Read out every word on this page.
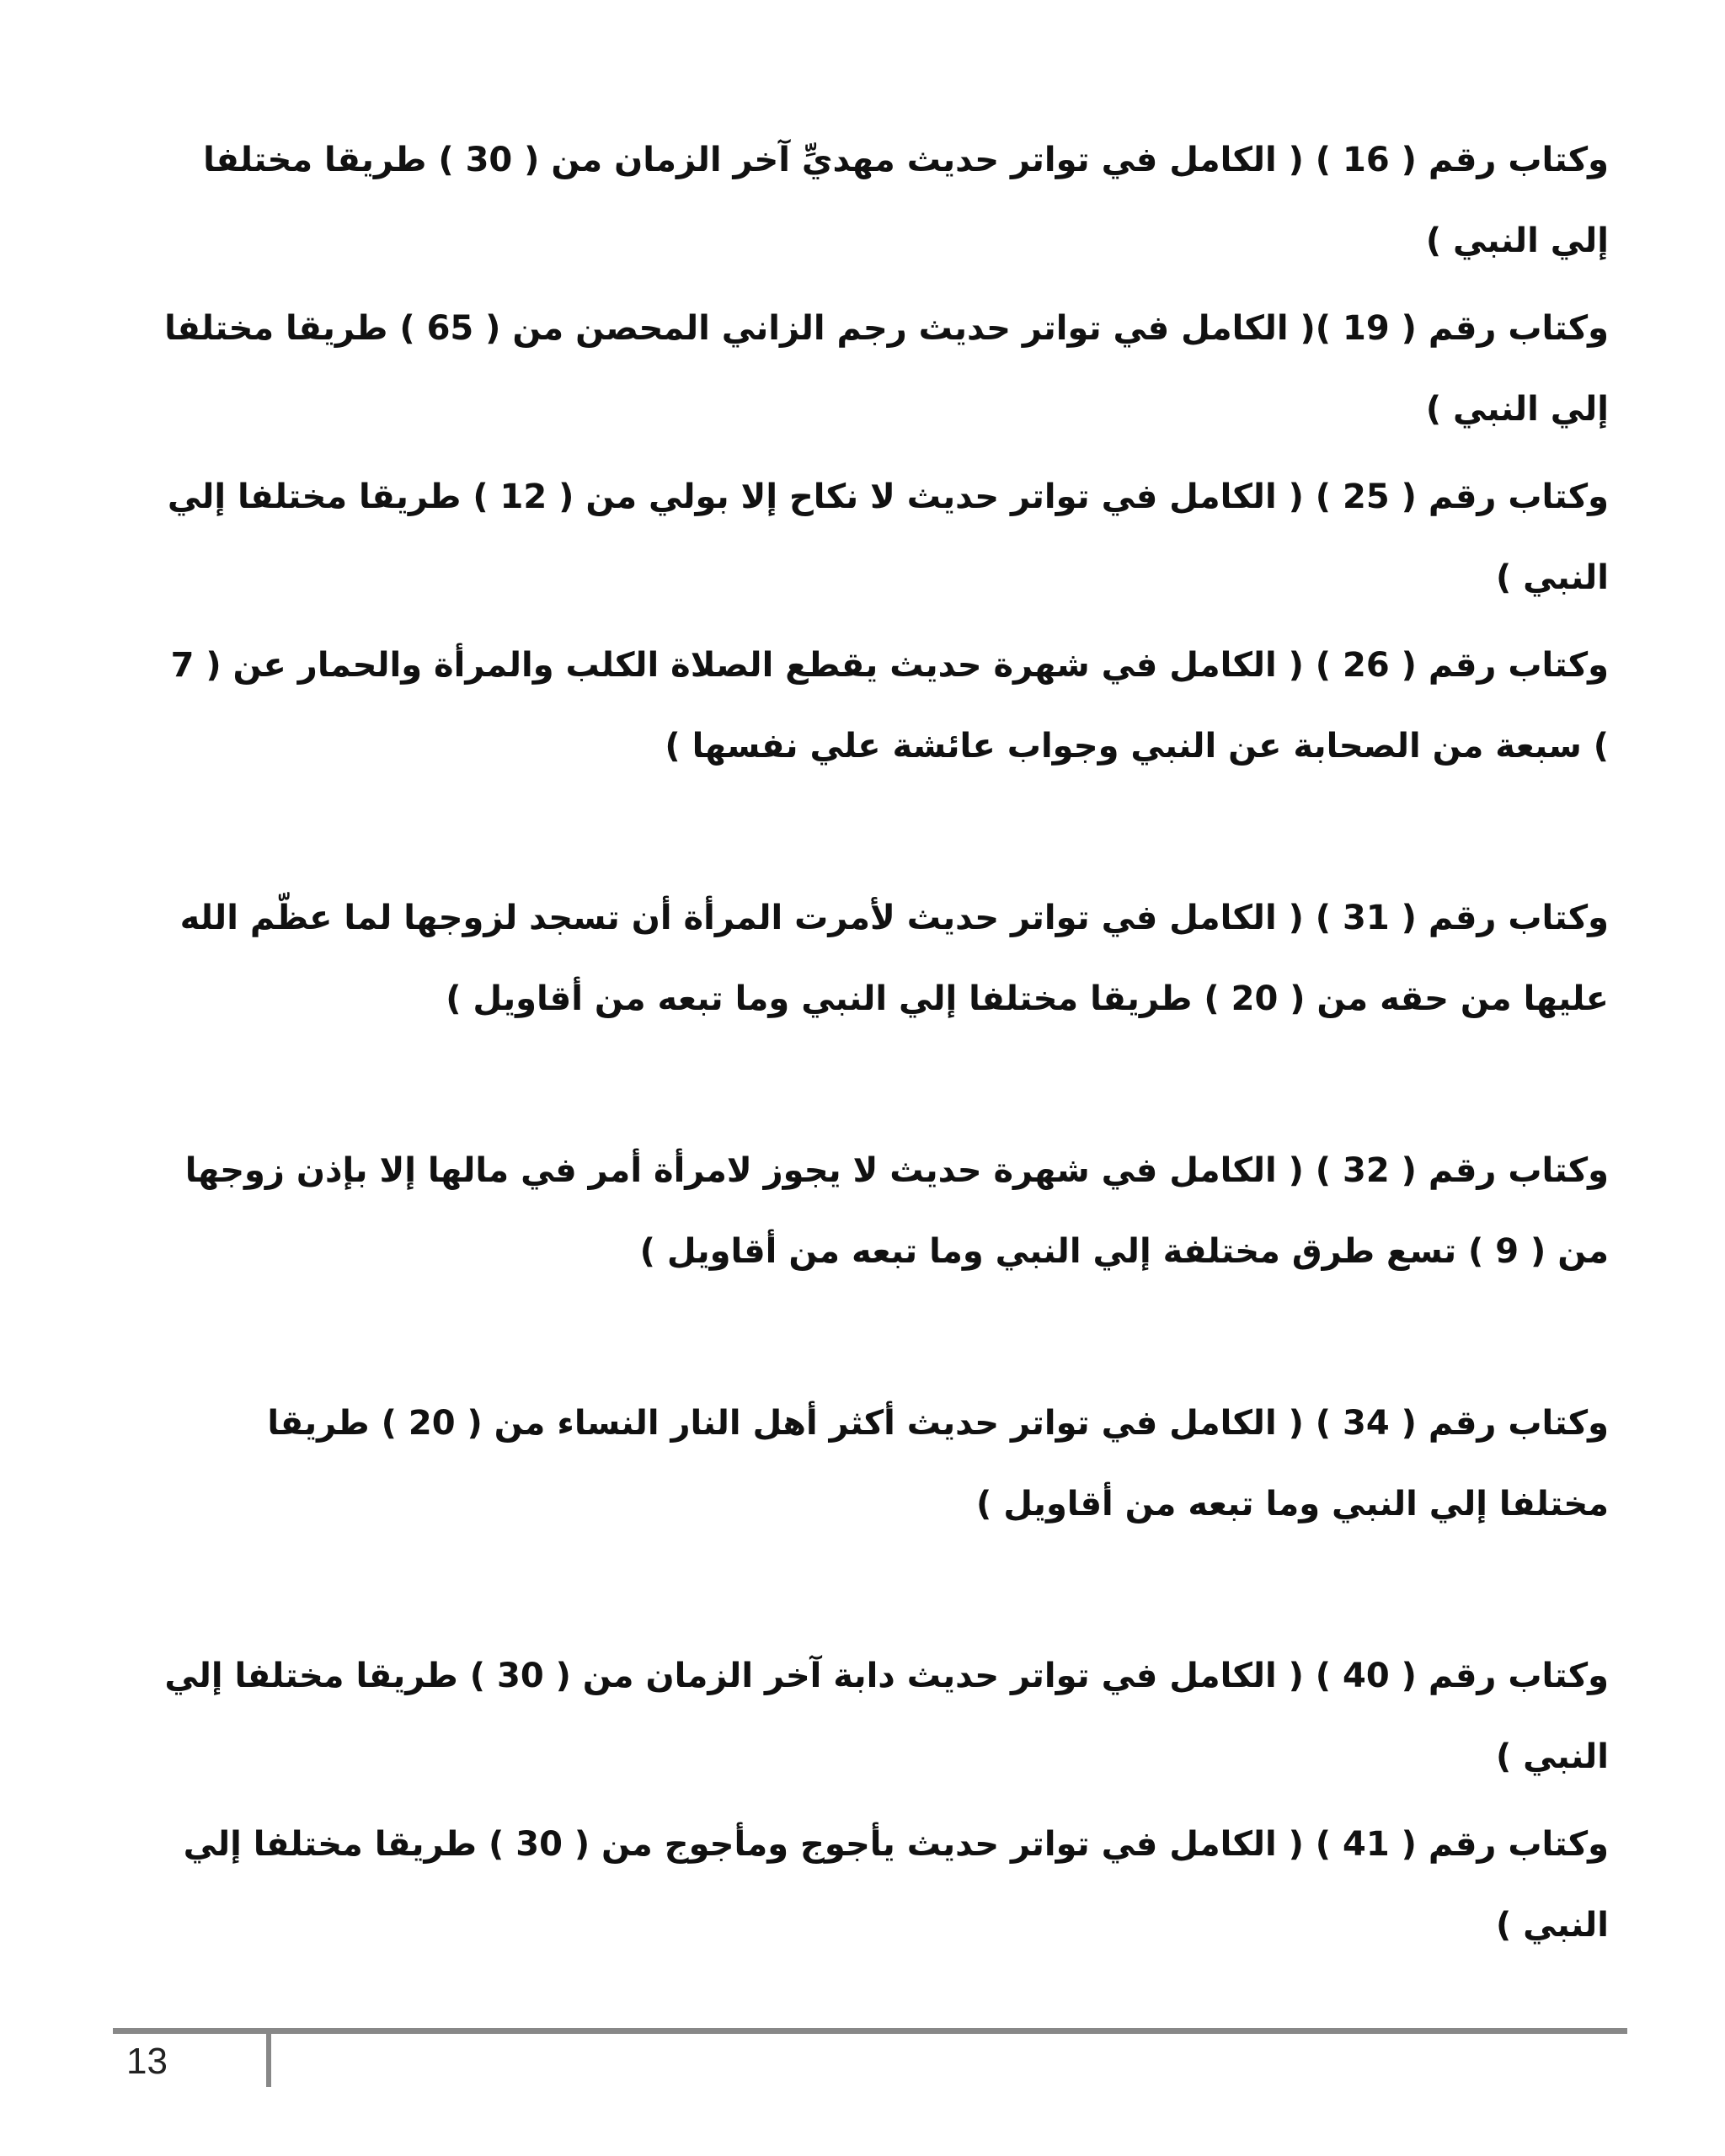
وكتاب رقم ( 16 ) ( الكامل في تواتر حديث مهديِّ آخر الزمان من ( 30 ) طريقا مختلفا إلي النبي )

وكتاب رقم ( 19 )( الكامل في تواتر حديث رجم الزاني المحصن من ( 65 ) طريقا مختلفا إلي النبي )

وكتاب رقم ( 25 ) ( الكامل في تواتر حديث لا نكاح إلا بولي من ( 12 ) طريقا مختلفا إلي النبي )

وكتاب رقم ( 26 ) ( الكامل في شهرة حديث يقطع الصلاة الكلب والمرأة والحمار عن ( 7 ) سبعة من الصحابة عن النبي وجواب عائشة علي نفسها )

وكتاب رقم ( 31 ) ( الكامل في تواتر حديث لأمرت المرأة أن تسجد لزوجها لما عظّم الله عليها من حقه من ( 20 ) طريقا مختلفا إلي النبي وما تبعه من أقاويل )

وكتاب رقم ( 32 ) ( الكامل في شهرة حديث لا يجوز لامرأة أمر في مالها إلا بإذن زوجها من ( 9 ) تسع طرق مختلفة إلي النبي وما تبعه من أقاويل )

وكتاب رقم ( 34 ) ( الكامل في تواتر حديث أكثر أهل النار النساء من ( 20 ) طريقا مختلفا إلي النبي وما تبعه من أقاويل )

وكتاب رقم ( 40 ) ( الكامل في تواتر حديث دابة آخر الزمان من ( 30 ) طريقا مختلفا إلي النبي )

وكتاب رقم ( 41 ) ( الكامل في تواتر حديث يأجوج ومأجوج من ( 30 ) طريقا مختلفا إلي النبي )

13
